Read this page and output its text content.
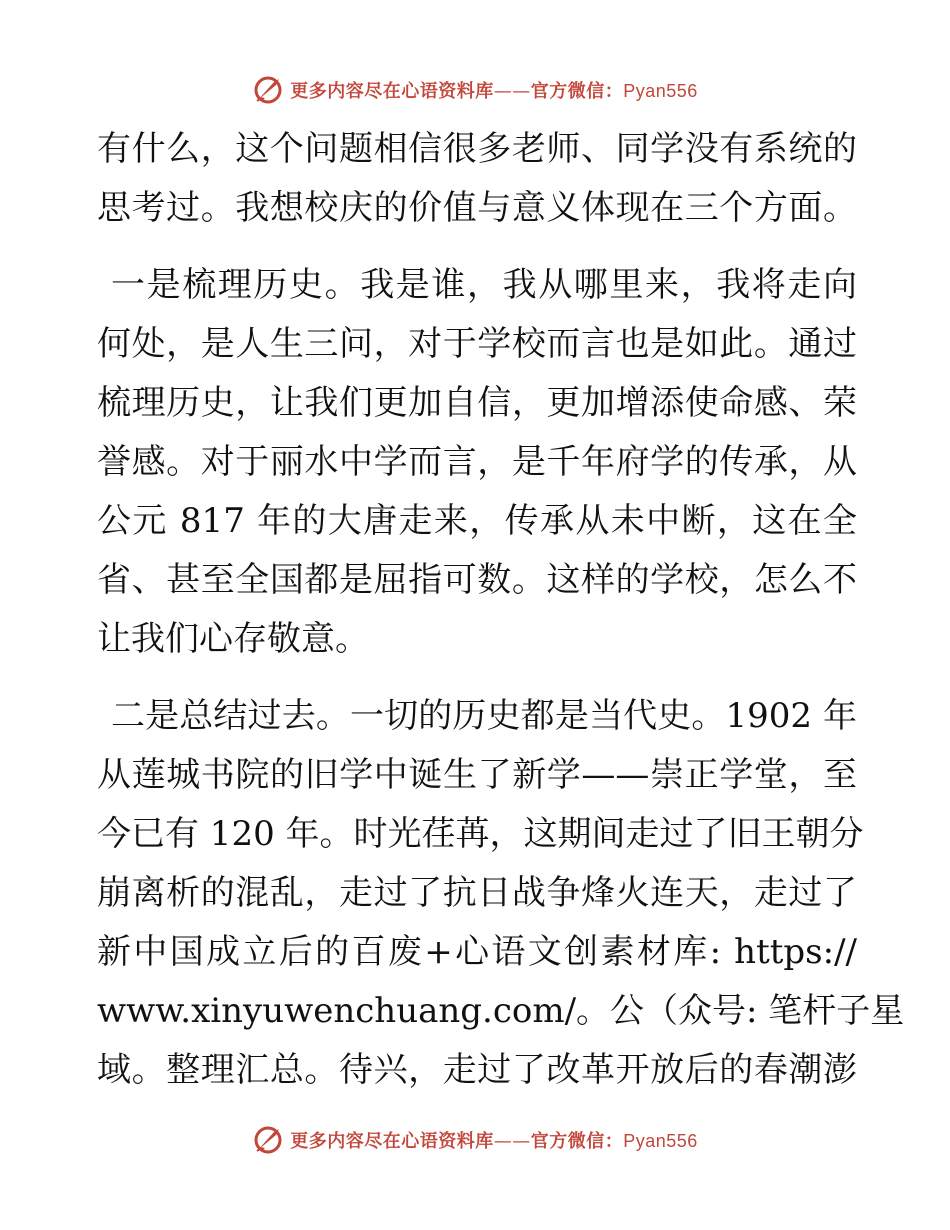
更多内容尽在心语资料库——官方微信：Pyan556

有什么，这个问题相信很多老师、同学没有系统的
思考过。我想校庆的价值与意义体现在三个方面。

一是梳理历史。我是谁，我从哪里来，我将走向
何处，是人生三问，对于学校而言也是如此。通过
梳理历史，让我们更加自信，更加增添使命感、荣
誉感。对于丽水中学而言，是千年府学的传承，从
公元 817 年的大唐走来，传承从未中断，这在全
省、甚至全国都是屈指可数。这样的学校，怎么不
让我们心存敬意。

二是总结过去。一切的历史都是当代史。1902 年
从莲城书院的旧学中诞生了新学——崇正学堂，至
今已有 120 年。时光荏苒，这期间走过了旧王朝分
崩离析的混乱，走过了抗日战争烽火连天，走过了
新中国成立后的百废+心语文创素材库: https://
www.xinyuwenchuang.com/。公（众号: 笔杆子星
域。整理汇总。待兴，走过了改革开放后的春潮澎

更多内容尽在心语资料库——官方微信：Pyan556
